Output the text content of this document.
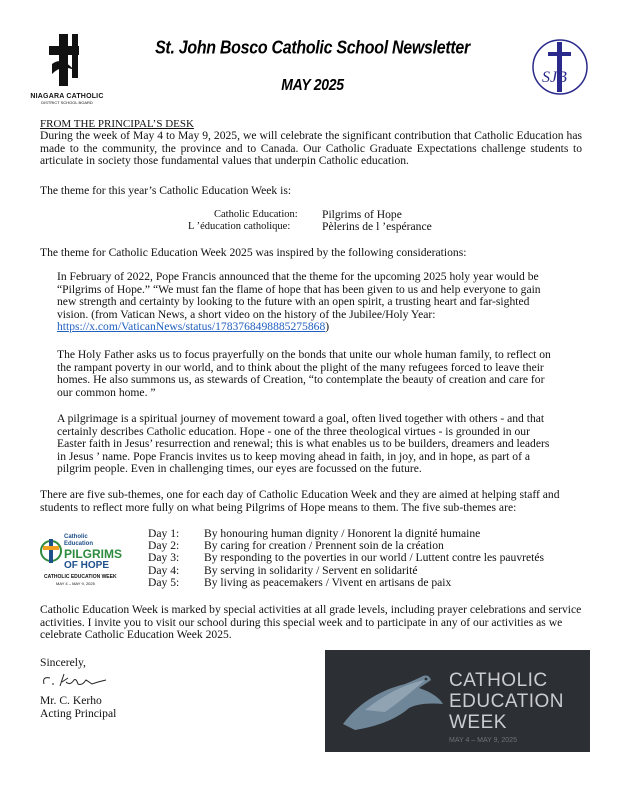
NIAGARA CATHOLIC
DISTRICT SCHOOL BOARD
St. John Bosco Catholic School Newsletter
MAY 2025	SJB
FROM THE PRINCIPAL’S DESK
During the week of May 4 to May 9, 2025, we will celebrate the significant contribution that Catholic Education has made to the community, the province and to Canada. Our Catholic Graduate Expectations challenge students to articulate in society those fundamental values that underpin Catholic education.
The theme for this year’s Catholic Education Week is:
Catholic Education: Pilgrims of Hope
L ’éducation catholique:	Pèlerins de l ’espérance
The theme for Catholic Education Week 2025 was inspired by the following considerations:
In February of 2022, Pope Francis announced that the theme for the upcoming 2025 holy year would be “Pilgrims of Hope.” “We must fan the flame of hope that has been given to us and help everyone to gain new strength and certainty by looking to the future with an open spirit, a trusting heart and far-sighted vision. (from Vatican News, a short video on the history of the Jubilee/Holy Year: https://x.com/VaticanNews/status/1783768498885275868)
The Holy Father asks us to focus prayerfully on the bonds that unite our whole human family, to reflect on the rampant poverty in our world, and to think about the plight of the many refugees forced to leave their homes. He also summons us, as stewards of Creation, “to contemplate the beauty of creation and care for our common home. ”
A pilgrimage is a spiritual journey of movement toward a goal, often lived together with others - and that certainly describes Catholic education. Hope - one of the three theological virtues - is grounded in our Easter faith in Jesus’ resurrection and renewal; this is what enables us to be builders, dreamers and leaders in Jesus ’ name. Pope Francis invites us to keep moving ahead in faith, in joy, and in hope, as part of a pilgrim people. Even in challenging times, our eyes are focussed on the future.
There are five sub-themes, one for each day of Catholic Education Week and they are aimed at helping staff and students to reflect more fully on what being Pilgrims of Hope means to them. The five sub-themes are:
Catholic
Education
PILGRIMS
OF HOPE
CATHOLIC EDUCATION WEEK
MAY 4 – MAY 9, 2025
Day 1:	By honouring human dignity / Honorent la dignité humaine
Day 2:	By caring for creation / Prennent soin de la création
Day 3:	By responding to the poverties in our world / Luttent contre les pauvretés
Day 4:	By serving in solidarity / Servent en solidarité
Day 5:	By living as peacemakers / Vivent en artisans de paix
Catholic Education Week is marked by special activities at all grade levels, including prayer celebrations and service activities. I invite you to visit our school during this special week and to participate in any of our activities as we celebrate Catholic Education Week 2025.
Sincerely,
Mr. C. Kerho
Acting Principal
CATHOLIC
EDUCATION
WEEK
MAY 4 – MAY 9, 2025
